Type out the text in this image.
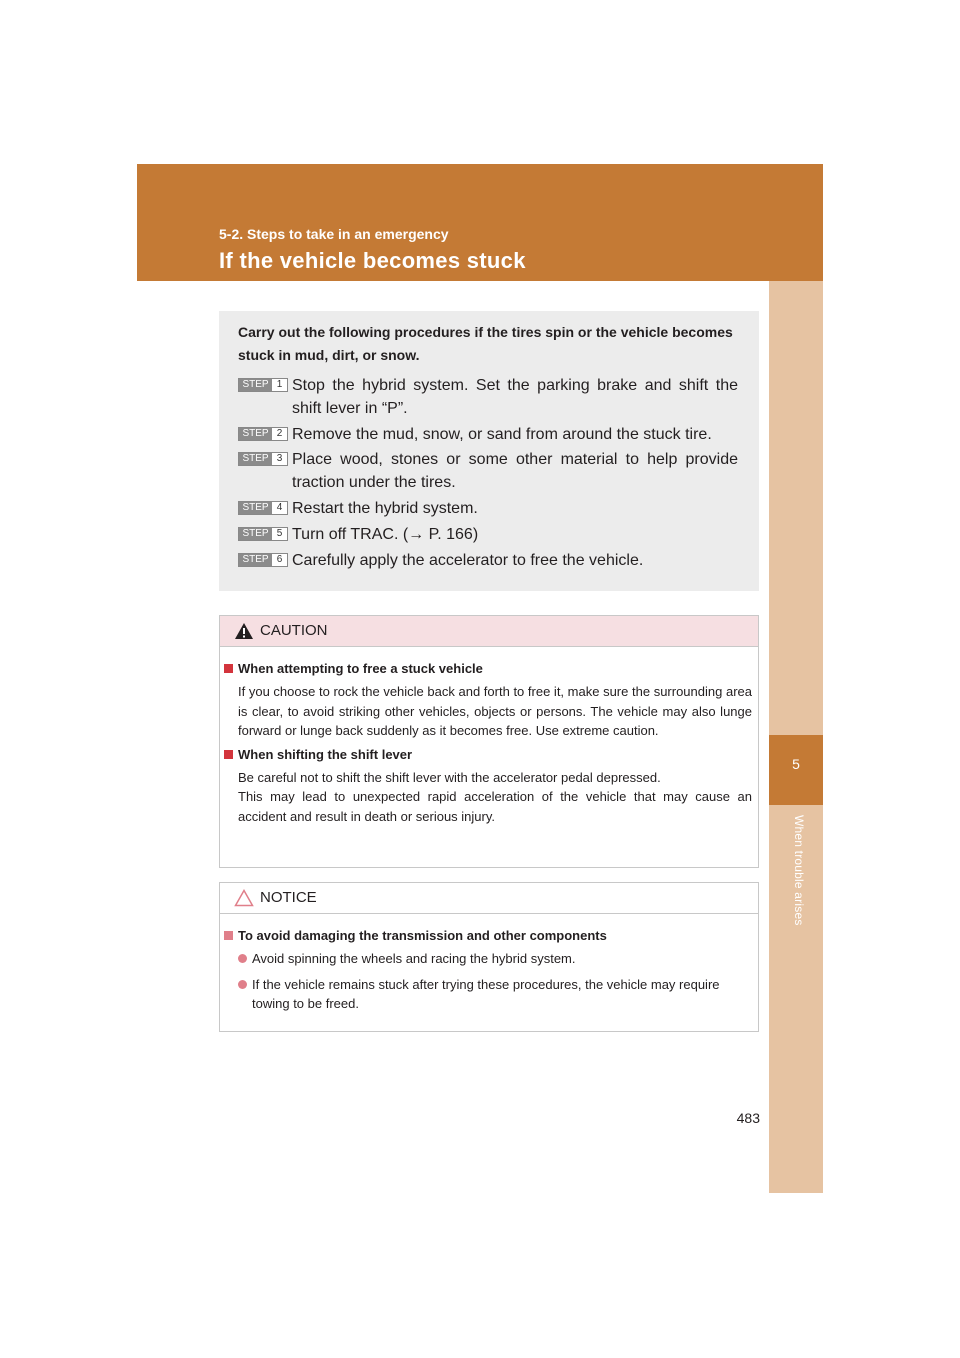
5-2. Steps to take in an emergency
If the vehicle becomes stuck
5
When trouble arises
Carry out the following procedures if the tires spin or the vehicle becomes stuck in mud, dirt, or snow.
STEP 1 Stop the hybrid system. Set the parking brake and shift the shift lever in “P”.
STEP 2 Remove the mud, snow, or sand from around the stuck tire.
STEP 3 Place wood, stones or some other material to help provide traction under the tires.
STEP 4 Restart the hybrid system.
STEP 5 Turn off TRAC. (→ P. 166)
STEP 6 Carefully apply the accelerator to free the vehicle.
CAUTION
When attempting to free a stuck vehicle
If you choose to rock the vehicle back and forth to free it, make sure the surrounding area is clear, to avoid striking other vehicles, objects or persons. The vehicle may also lunge forward or lunge back suddenly as it becomes free. Use extreme caution.
When shifting the shift lever
Be careful not to shift the shift lever with the accelerator pedal depressed.
This may lead to unexpected rapid acceleration of the vehicle that may cause an accident and result in death or serious injury.
NOTICE
To avoid damaging the transmission and other components
Avoid spinning the wheels and racing the hybrid system.
If the vehicle remains stuck after trying these procedures, the vehicle may require towing to be freed.
483
